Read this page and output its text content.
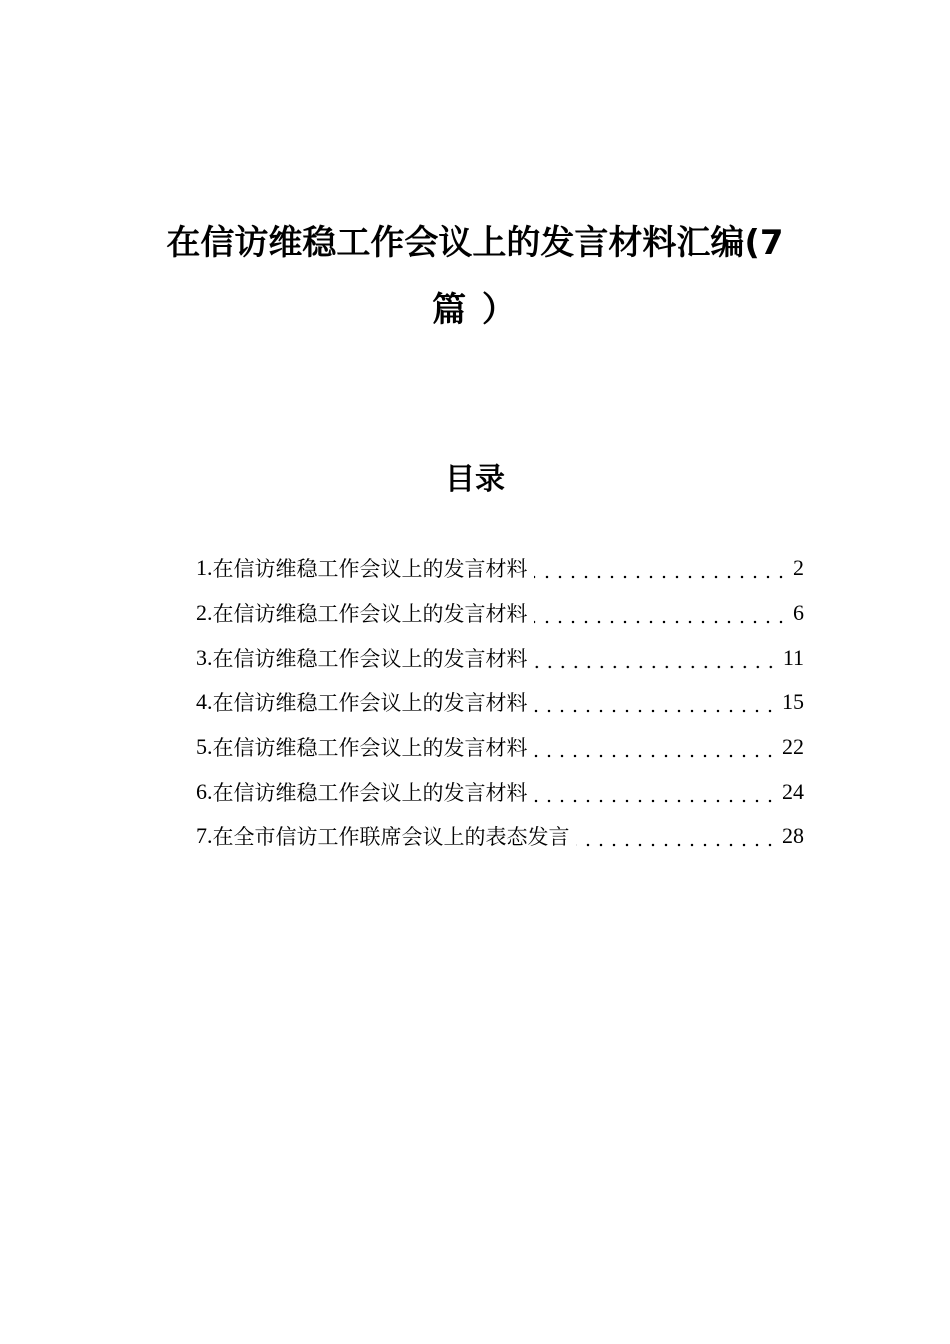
在信访维稳工作会议上的发言材料汇编(7
篇 ）
目录
1. 在信访维稳工作会议上的发言材料	2
2. 在信访维稳工作会议上的发言材料	6
3. 在信访维稳工作会议上的发言材料	11
4. 在信访维稳工作会议上的发言材料	15
5. 在信访维稳工作会议上的发言材料	22
6. 在信访维稳工作会议上的发言材料	24
7. 在全市信访工作联席会议上的表态发言	28
